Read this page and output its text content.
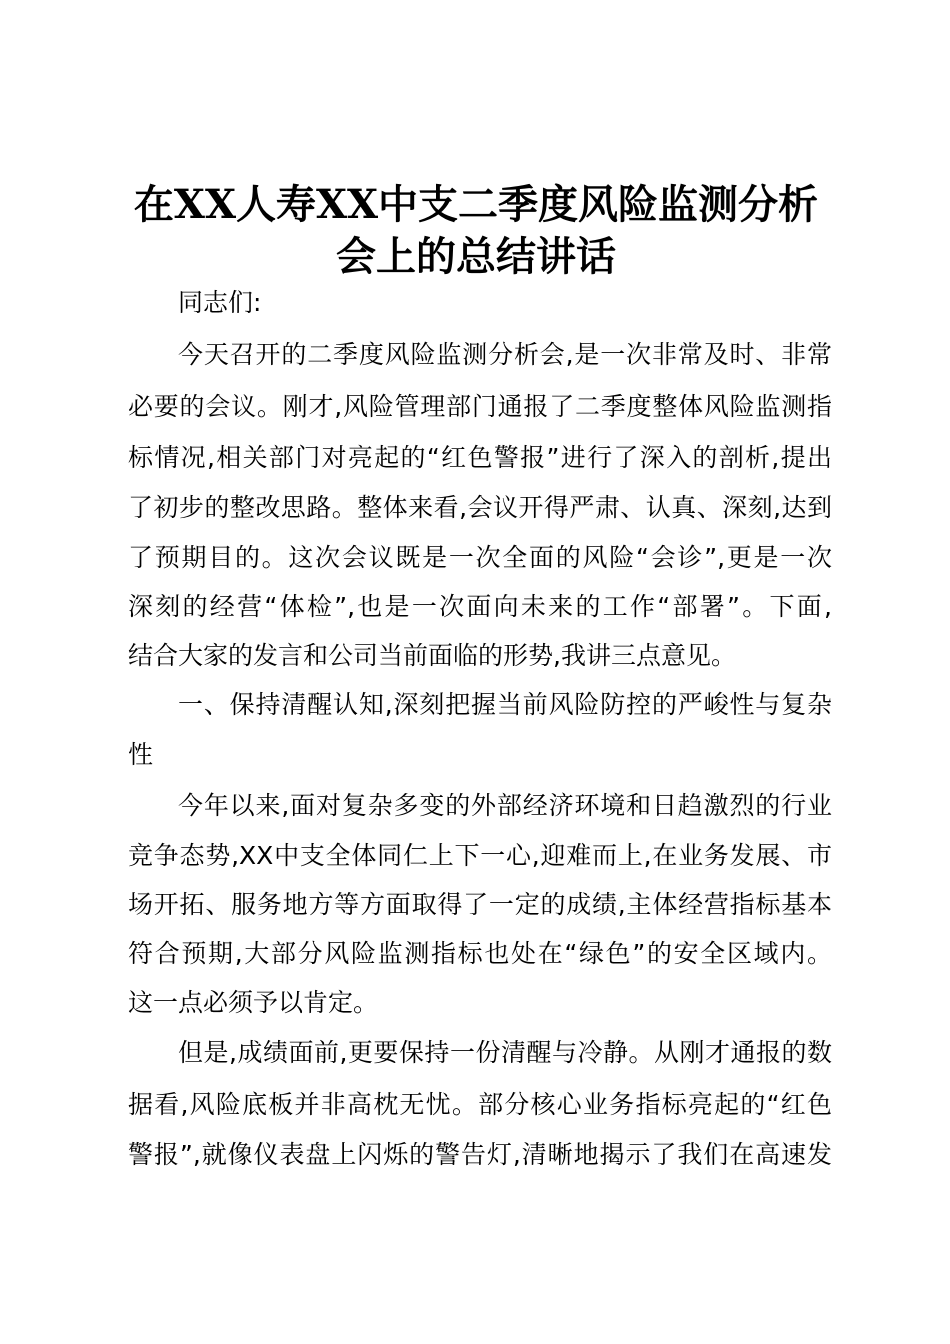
在XX人寿XX中支二季度风险监测分析
会上的总结讲话
同志们:
今天召开的二季度风险监测分析会,是一次非常及时、非常
必要的会议。刚才,风险管理部门通报了二季度整体风险监测指
标情况,相关部门对亮起的“红色警报”进行了深入的剖析,提出
了初步的整改思路。整体来看,会议开得严肃、认真、深刻,达到
了预期目的。这次会议既是一次全面的风险“会诊”,更是一次
深刻的经营“体检”,也是一次面向未来的工作“部署”。下面,
结合大家的发言和公司当前面临的形势,我讲三点意见。
一、保持清醒认知,深刻把握当前风险防控的严峻性与复杂
性
今年以来,面对复杂多变的外部经济环境和日趋激烈的行业
竞争态势,XX中支全体同仁上下一心,迎难而上,在业务发展、市
场开拓、服务地方等方面取得了一定的成绩,主体经营指标基本
符合预期,大部分风险监测指标也处在“绿色”的安全区域内。
这一点必须予以肯定。
但是,成绩面前,更要保持一份清醒与冷静。从刚才通报的数
据看,风险底板并非高枕无忧。部分核心业务指标亮起的“红色
警报”,就像仪表盘上闪烁的警告灯,清晰地揭示了我们在高速发
